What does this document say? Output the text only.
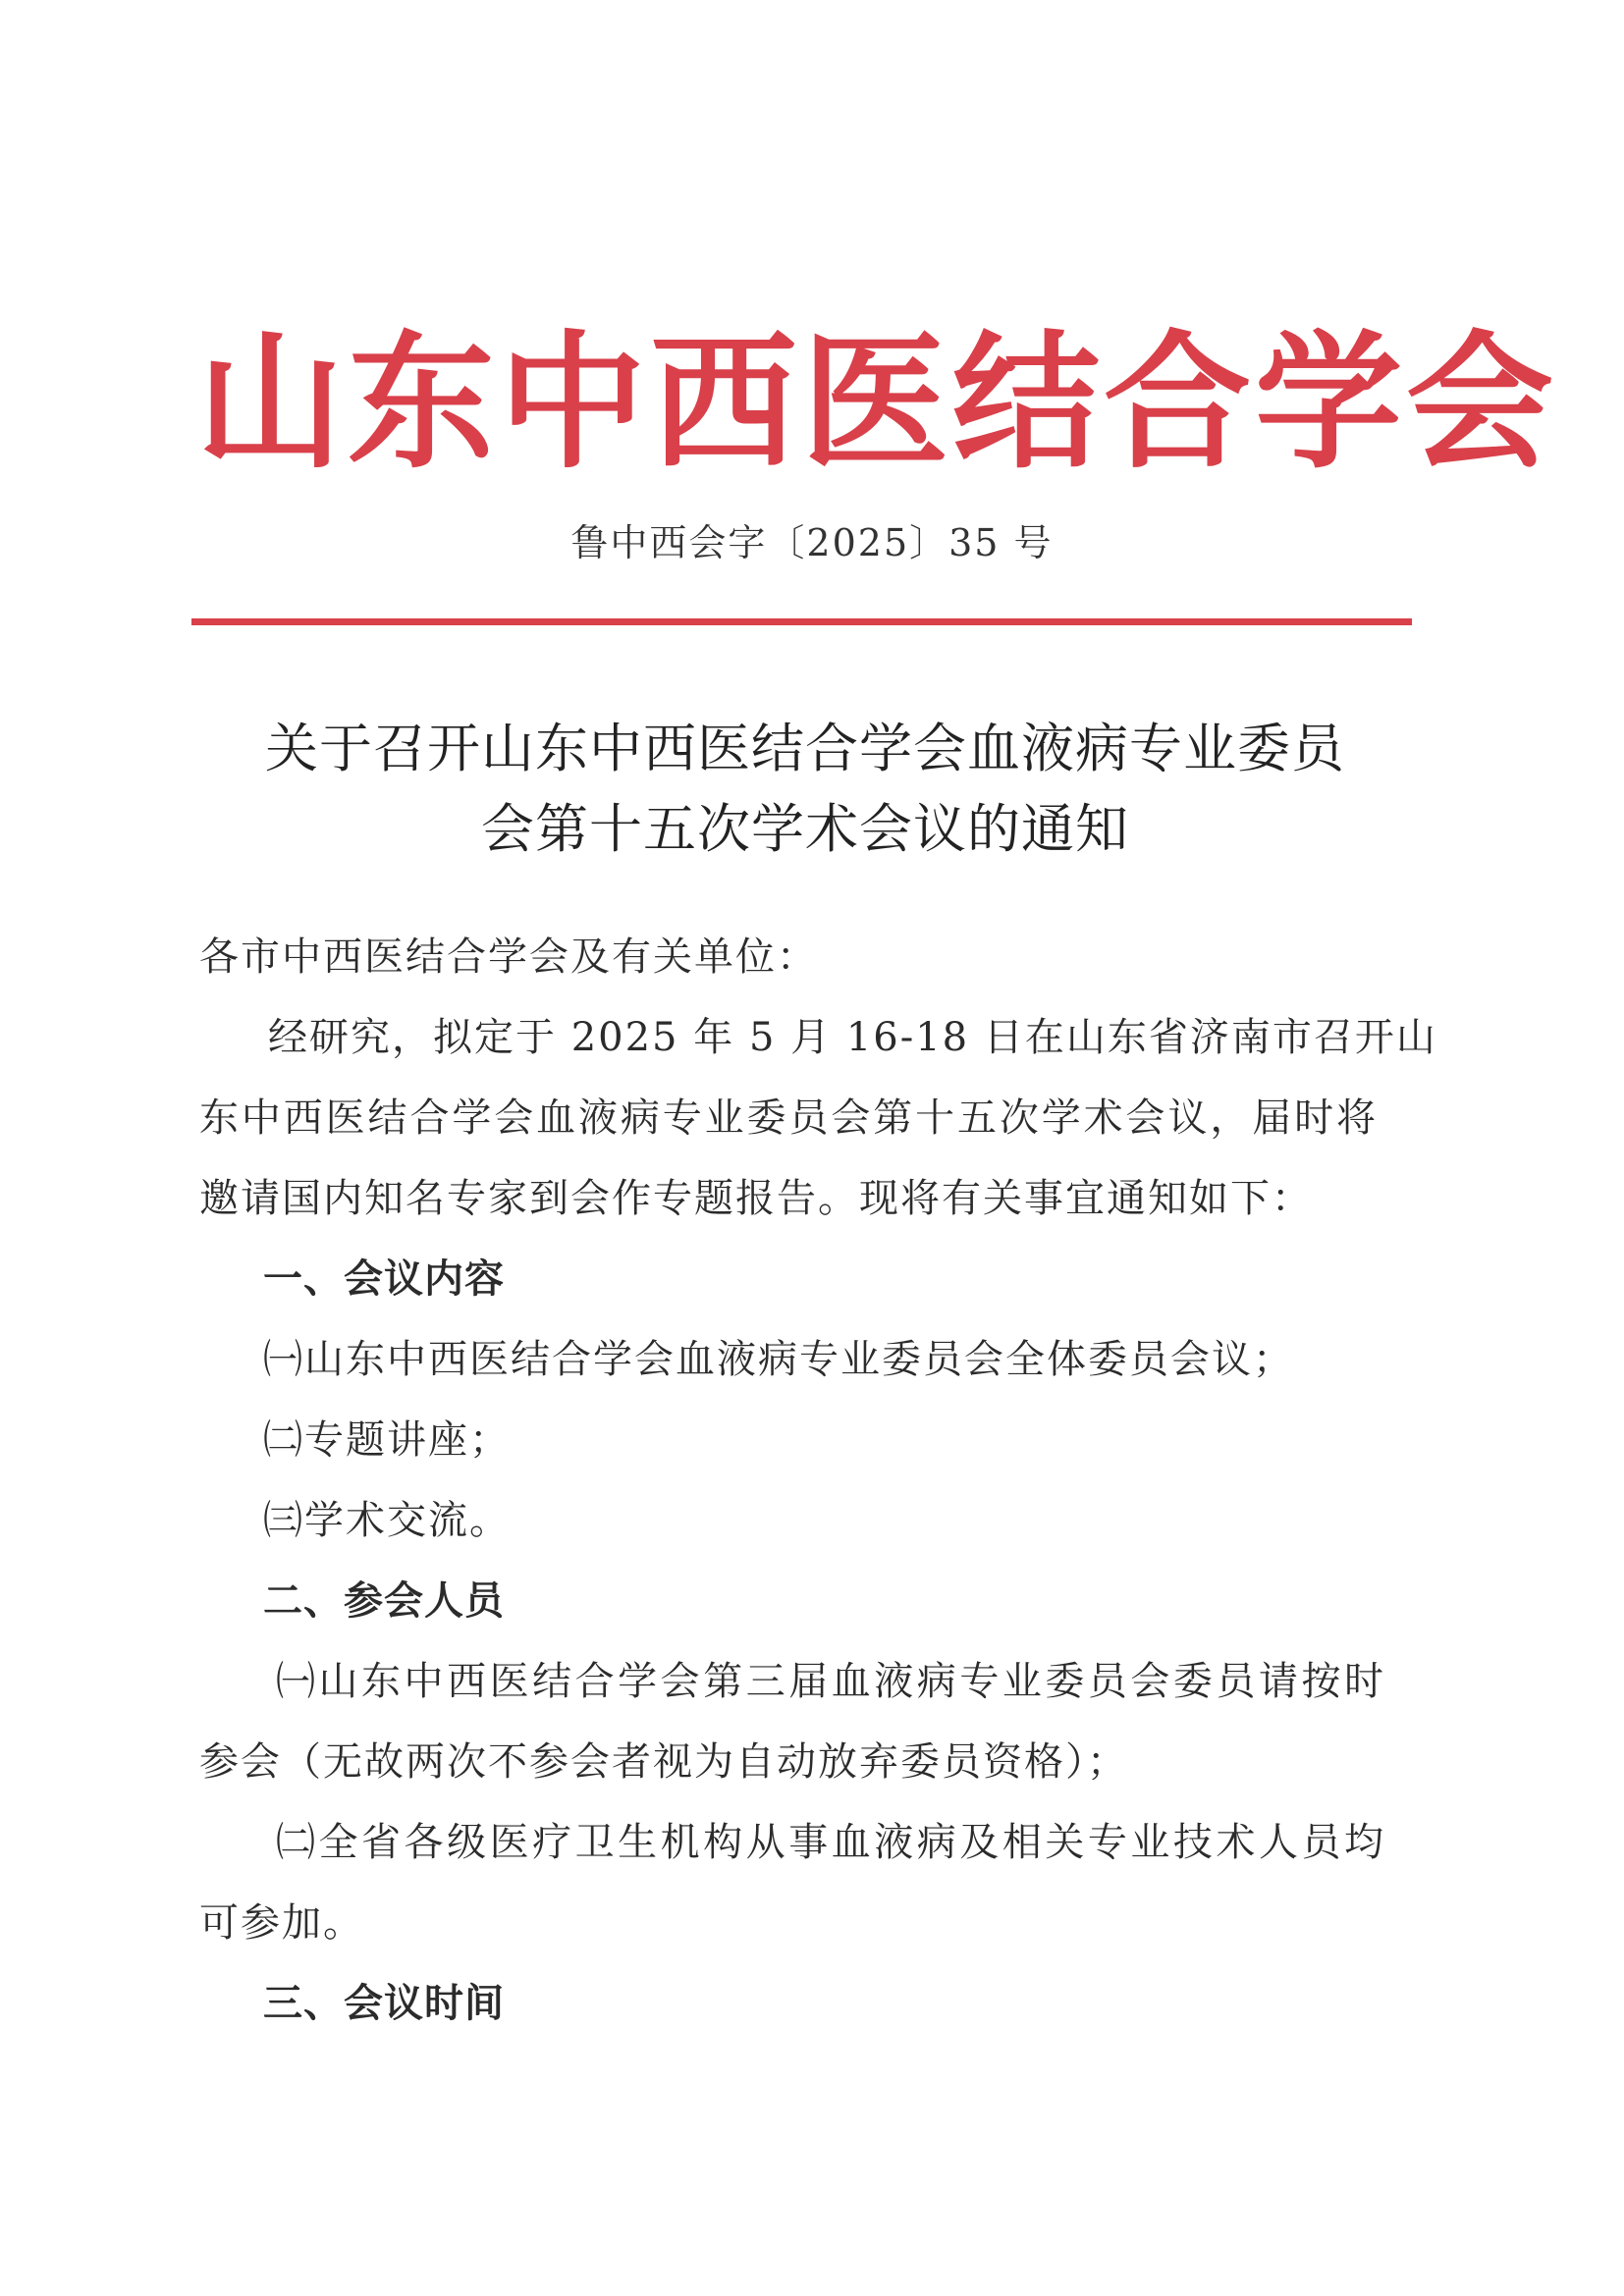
山东中西医结合学会
鲁中西会字〔2025〕35 号
关于召开山东中西医结合学会血液病专业委员
会第十五次学术会议的通知
各市中西医结合学会及有关单位：
经研究，拟定于 2025 年 5 月 16-18 日在山东省济南市召开山
东中西医结合学会血液病专业委员会第十五次学术会议，届时将
邀请国内知名专家到会作专题报告。现将有关事宜通知如下：
一、会议内容
㈠山东中西医结合学会血液病专业委员会全体委员会议；
㈡专题讲座；
㈢学术交流。
二、参会人员
㈠山东中西医结合学会第三届血液病专业委员会委员请按时
参会（无故两次不参会者视为自动放弃委员资格）；
㈡全省各级医疗卫生机构从事血液病及相关专业技术人员均
可参加。
三、会议时间
